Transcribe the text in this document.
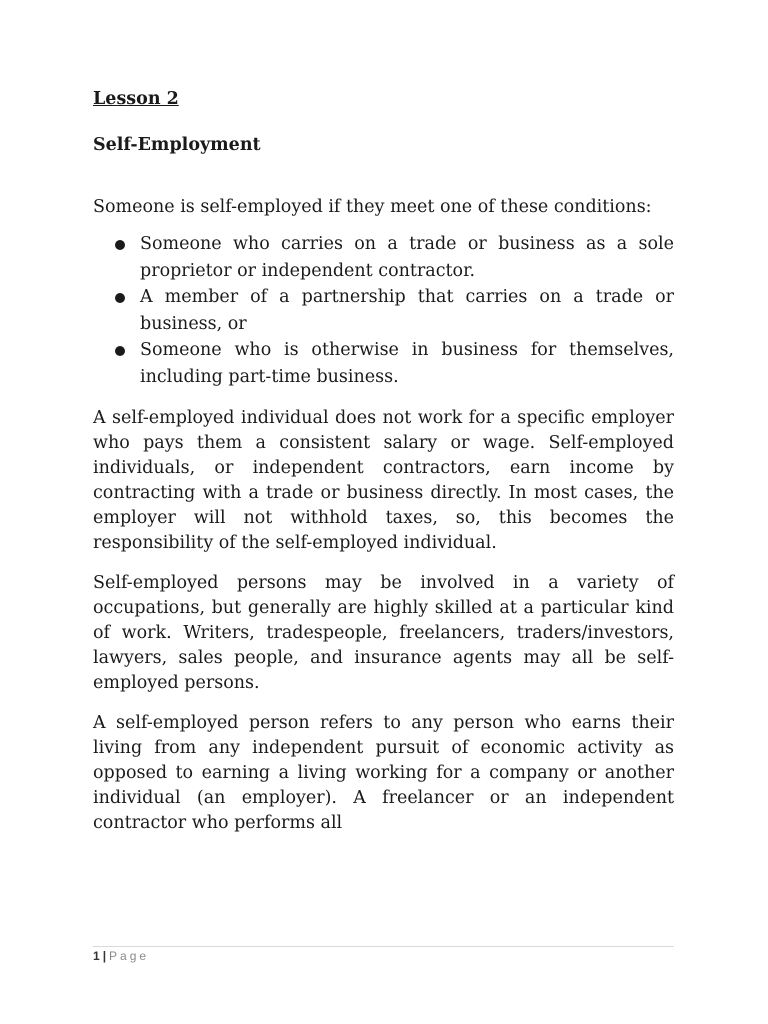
Lesson 2
Self-Employment

Someone is self-employed if they meet one of these conditions:

Someone who carries on a trade or business as a sole proprietor or independent contractor.
A member of a partnership that carries on a trade or business, or
Someone who is otherwise in business for themselves, including part-time business.

A self-employed individual does not work for a specific employer who pays them a consistent salary or wage. Self-employed individuals, or independent contractors, earn income by contracting with a trade or business directly. In most cases, the employer will not withhold taxes, so, this becomes the responsibility of the self-employed individual.

Self-employed persons may be involved in a variety of occupations, but generally are highly skilled at a particular kind of work. Writers, tradespeople, freelancers, traders/investors, lawyers, sales people, and insurance agents may all be self-employed persons.

A self-employed person refers to any person who earns their living from any independent pursuit of economic activity as opposed to earning a living working for a company or another individual (an employer). A freelancer or an independent contractor who performs all

1 | Page
